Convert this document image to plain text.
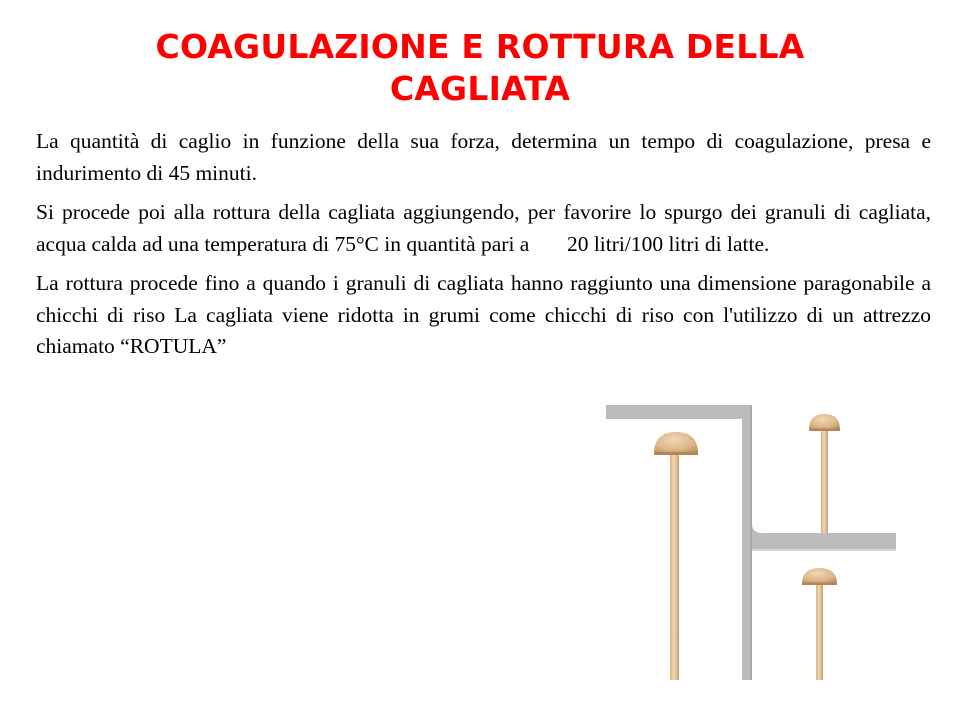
COAGULAZIONE E ROTTURA DELLA CAGLIATA

La quantità di caglio in funzione della sua forza, determina un tempo di coagulazione, presa e indurimento di 45 minuti.

Si procede poi alla rottura della cagliata aggiungendo, per favorire lo spurgo dei granuli di cagliata, acqua calda ad una temperatura di 75°C in quantità pari a       20 litri/100 litri di latte.

La rottura procede fino a quando i granuli di cagliata hanno raggiunto una dimensione paragonabile a chicchi di riso La cagliata viene ridotta in grumi come chicchi di riso con l'utilizzo di un attrezzo chiamato “ROTULA”
